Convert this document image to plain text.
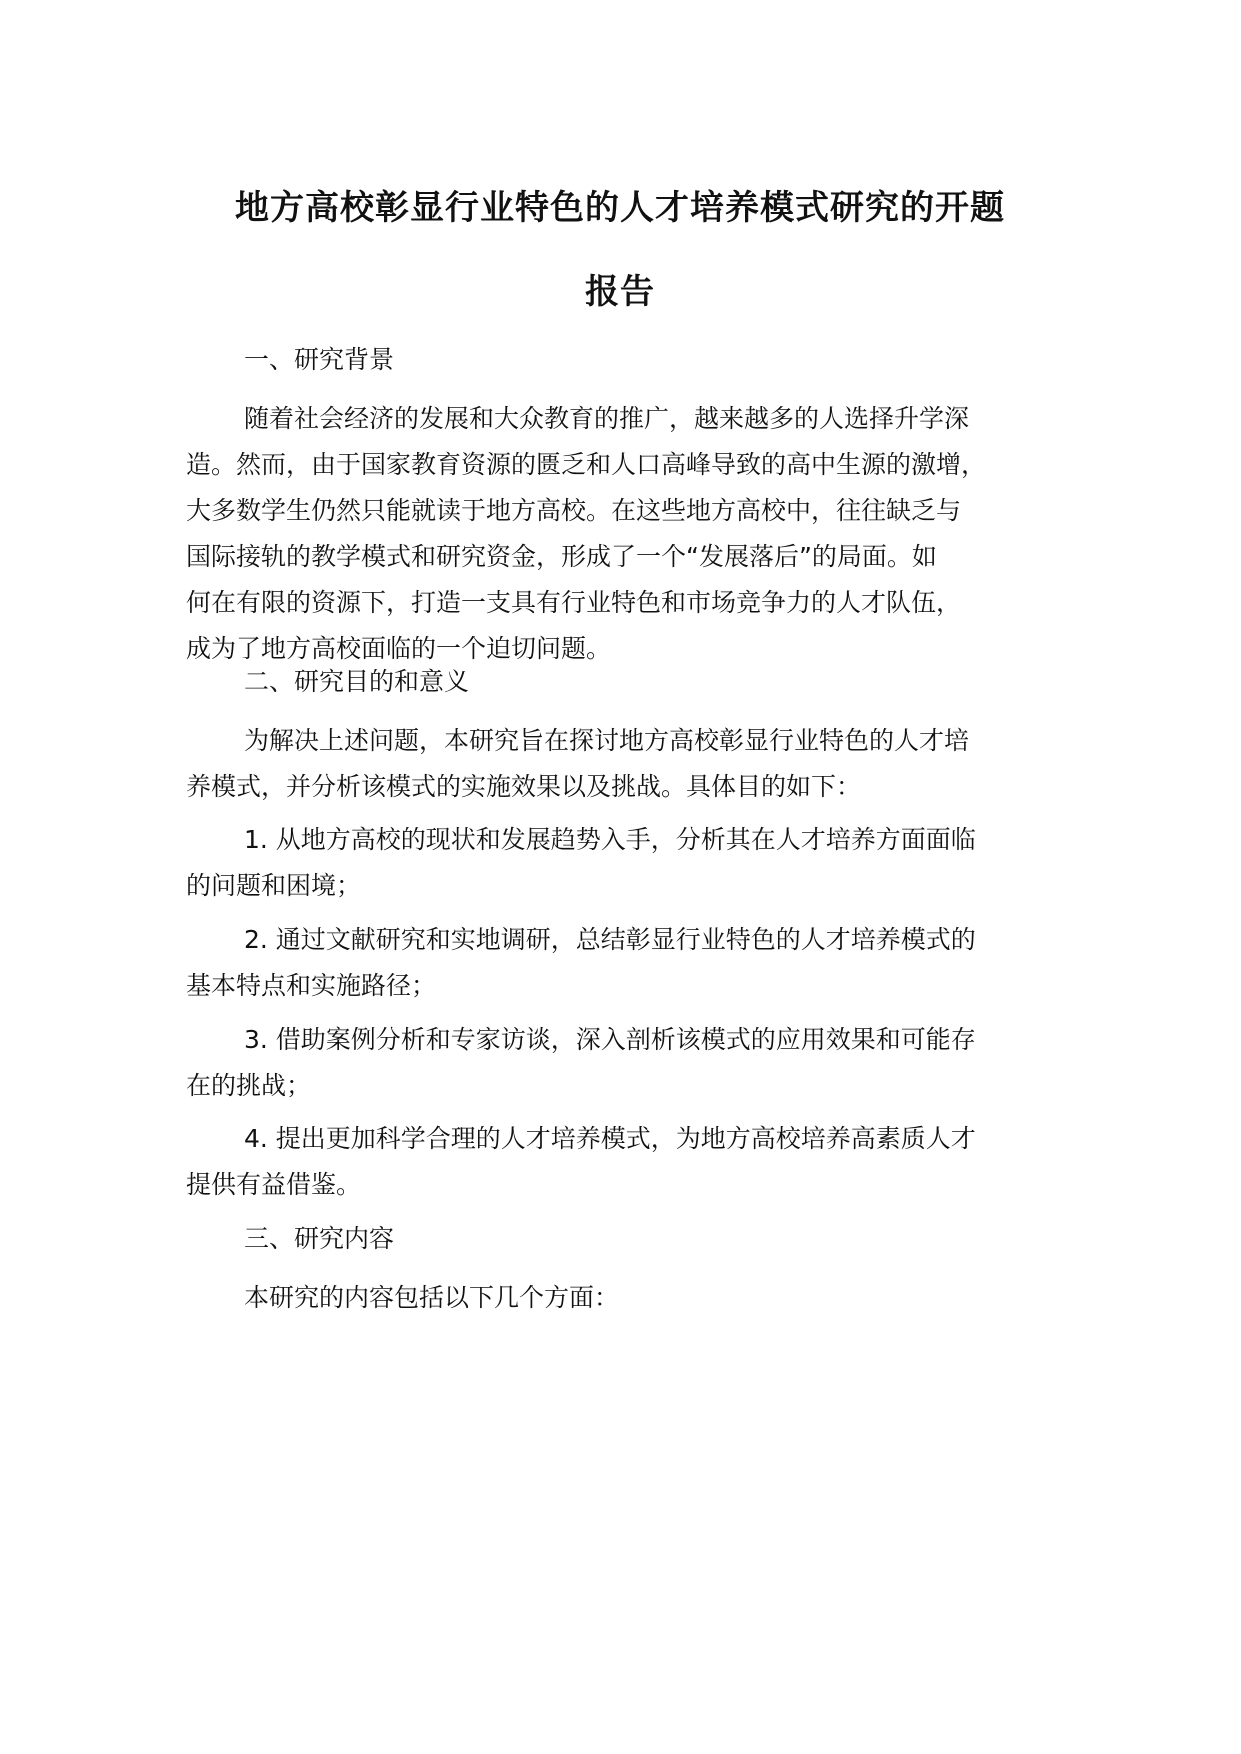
地方高校彰显行业特色的人才培养模式研究的开题
报告
一、研究背景
随着社会经济的发展和大众教育的推广，越来越多的人选择升学深
造。然而，由于国家教育资源的匮乏和人口高峰导致的高中生源的激增，
大多数学生仍然只能就读于地方高校。在这些地方高校中，往往缺乏与
国际接轨的教学模式和研究资金，形成了一个“发展落后”的局面。如
何在有限的资源下，打造一支具有行业特色和市场竞争力的人才队伍，
成为了地方高校面临的一个迫切问题。
二、研究目的和意义
为解决上述问题，本研究旨在探讨地方高校彰显行业特色的人才培
养模式，并分析该模式的实施效果以及挑战。具体目的如下：
1. 从地方高校的现状和发展趋势入手，分析其在人才培养方面面临
的问题和困境；
2. 通过文献研究和实地调研，总结彰显行业特色的人才培养模式的
基本特点和实施路径；
3. 借助案例分析和专家访谈，深入剖析该模式的应用效果和可能存
在的挑战；
4. 提出更加科学合理的人才培养模式，为地方高校培养高素质人才
提供有益借鉴。
三、研究内容
本研究的内容包括以下几个方面：
